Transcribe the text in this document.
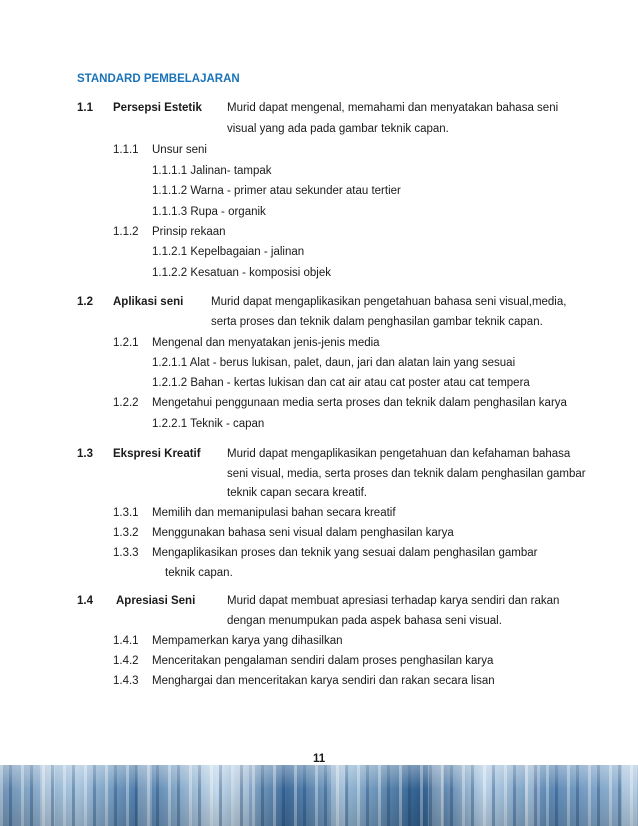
STANDARD PEMBELAJARAN
1.1 Persepsi Estetik Murid dapat mengenal, memahami dan menyatakan bahasa seni
visual yang ada pada gambar teknik capan.
1.1.1 Unsur seni
1.1.1.1 Jalinan- tampak
1.1.1.2 Warna - primer atau sekunder atau tertier
1.1.1.3 Rupa - organik
1.1.2 Prinsip rekaan
1.1.2.1 Kepelbagaian - jalinan
1.1.2.2 Kesatuan - komposisi objek
1.2 Aplikasi seni Murid dapat mengaplikasikan pengetahuan bahasa seni visual,media,
serta proses dan teknik dalam penghasilan gambar teknik capan.
1.2.1 Mengenal dan menyatakan jenis-jenis media
1.2.1.1 Alat - berus lukisan, palet, daun, jari dan alatan lain yang sesuai
1.2.1.2 Bahan - kertas lukisan dan cat air atau cat poster atau cat tempera
1.2.2 Mengetahui penggunaan media serta proses dan teknik dalam penghasilan karya
1.2.2.1 Teknik - capan
1.3 Ekspresi Kreatif Murid dapat mengaplikasikan pengetahuan dan kefahaman bahasa
seni visual, media, serta proses dan teknik dalam penghasilan gambar
teknik capan secara kreatif.
1.3.1 Memilih dan memanipulasi bahan secara kreatif
1.3.2 Menggunakan bahasa seni visual dalam penghasilan karya
1.3.3 Mengaplikasikan proses dan teknik yang sesuai dalam penghasilan gambar
teknik capan.
1.4 Apresiasi Seni	Murid dapat membuat apresiasi terhadap karya sendiri dan rakan
dengan menumpukan pada aspek bahasa seni visual.
1.4.1 Mempamerkan karya yang dihasilkan
1.4.2 Menceritakan pengalaman sendiri dalam proses penghasilan karya
1.4.3 Menghargai dan menceritakan karya sendiri dan rakan secara lisan
11
